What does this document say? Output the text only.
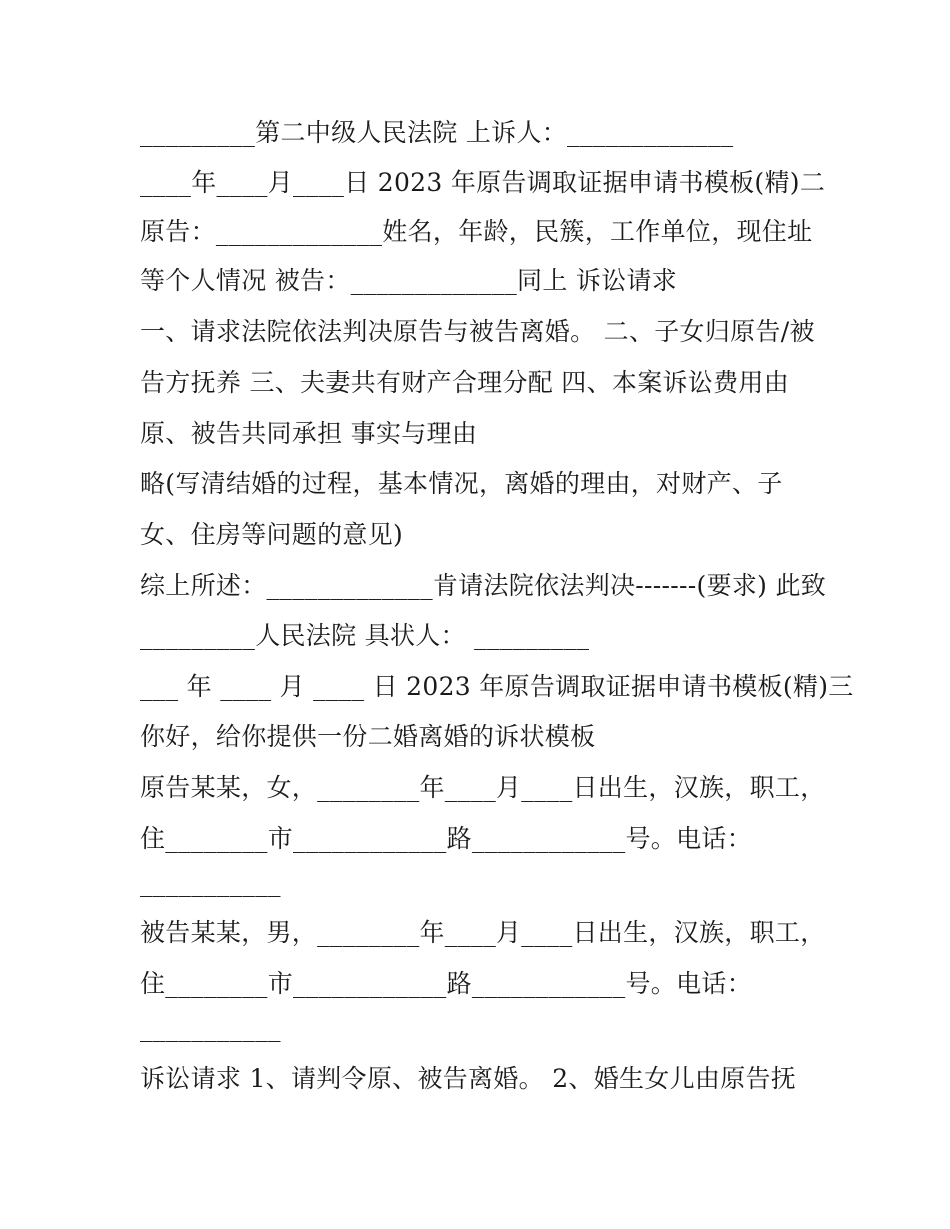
_________第二中级人民法院 上诉人：_____________
____年____月____日 2023 年原告调取证据申请书模板(精)二
原告：_____________姓名，年龄，民簇，工作单位，现住址
等个人情况 被告：_____________同上 诉讼请求
一、请求法院依法判决原告与被告离婚。 二、子女归原告/被
告方抚养 三、夫妻共有财产合理分配 四、本案诉讼费用由
原、被告共同承担 事实与理由
略(写清结婚的过程，基本情况，离婚的理由，对财产、子
女、住房等问题的意见)
综上所述：_____________肯请法院依法判决-------(要求) 此致
_________人民法院 具状人： _________
___ 年 ____ 月 ____ 日 2023 年原告调取证据申请书模板(精)三
你好，给你提供一份二婚离婚的诉状模板
原告某某，女，________年____月____日出生，汉族，职工，
住________市____________路____________号。电话：
___________
被告某某，男，________年____月____日出生，汉族，职工，
住________市____________路____________号。电话：
___________
诉讼请求 1、请判令原、被告离婚。 2、婚生女儿由原告抚
